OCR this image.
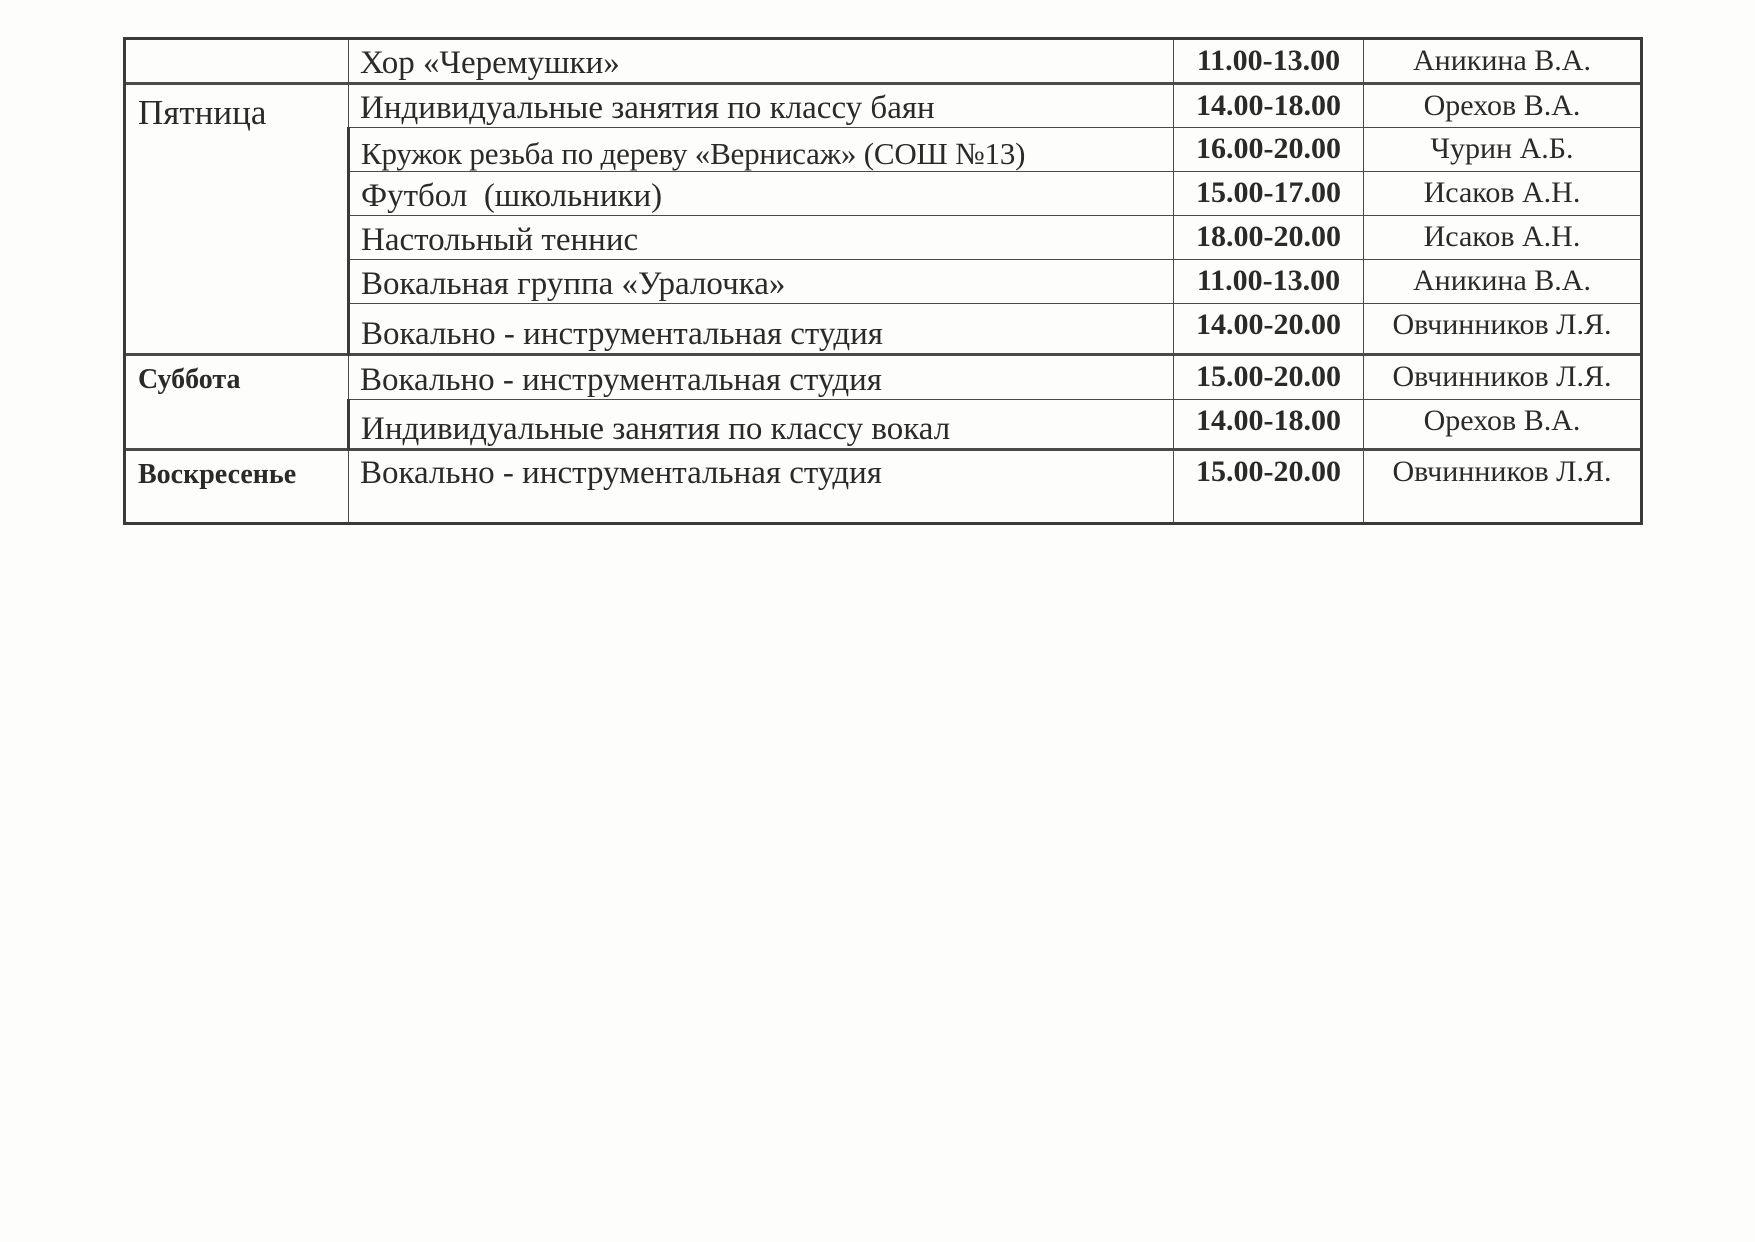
	Хор «Черемушки»	11.00-13.00	Аникина В.А.
Пятница	Индивидуальные занятия по классу баян	14.00-18.00	Орехов В.А.
	Кружок резьба по дереву «Вернисаж» (СОШ №13)	16.00-20.00	Чурин А.Б.
	Футбол  (школьники)	15.00-17.00	Исаков А.Н.
	Настольный теннис	18.00-20.00	Исаков А.Н.
	Вокальная группа «Уралочка»	11.00-13.00	Аникина В.А.
	Вокально - инструментальная студия	14.00-20.00	Овчинников Л.Я.
Суббота	Вокально - инструментальная студия	15.00-20.00	Овчинников Л.Я.
	Индивидуальные занятия по классу вокал	14.00-18.00	Орехов В.А.
Воскресенье	Вокально - инструментальная студия	15.00-20.00	Овчинников Л.Я.
